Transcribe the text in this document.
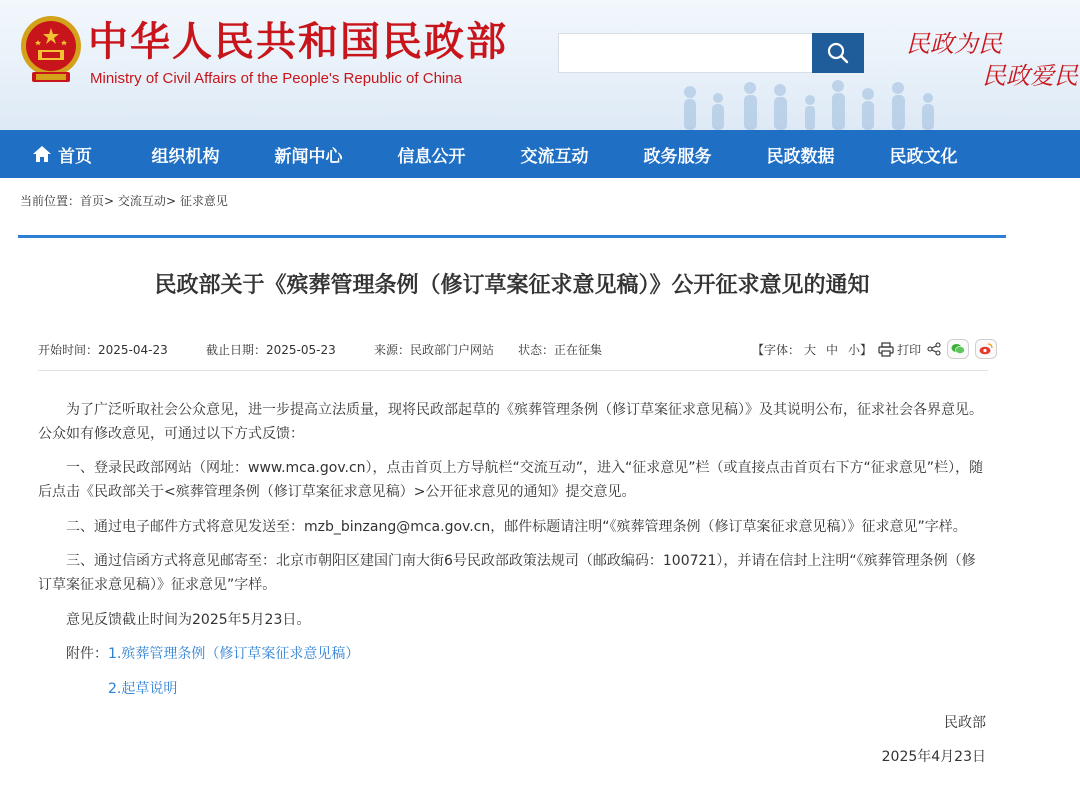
中华人民共和国民政部
Ministry of Civil Affairs of the People's Republic of China
民政为民
民政爱民
首页	组织机构	新闻中心	信息公开	交流互动	政务服务	民政数据	民政文化
当前位置：首页> 交流互动> 征求意见
民政部关于《殡葬管理条例（修订草案征求意见稿）》公开征求意见的通知
开始时间：2025-04-23	截止日期：2025-05-23	来源：民政部门户网站 状态：正在征集	【字体： 大 中 小】 打印
为了广泛听取社会公众意见，进一步提高立法质量，现将民政部起草的《殡葬管理条例（修订草案征求意见稿）》及其说明公布，征求社会各界意见。公众如有修改意见，可通过以下方式反馈：
一、登录民政部网站（网址：www.mca.gov.cn），点击首页上方导航栏“交流互动”，进入“征求意见”栏（或直接点击首页右下方“征求意见”栏），随后点击《民政部关于<殡葬管理条例（修订草案征求意见稿）>公开征求意见的通知》提交意见。
二、通过电子邮件方式将意见发送至：mzb_binzang@mca.gov.cn，邮件标题请注明“《殡葬管理条例（修订草案征求意见稿）》征求意见”字样。
三、通过信函方式将意见邮寄至：北京市朝阳区建国门南大街6号民政部政策法规司（邮政编码：100721），并请在信封上注明“《殡葬管理条例（修订草案征求意见稿）》征求意见”字样。
意见反馈截止时间为2025年5月23日。
附件：1.殡葬管理条例（修订草案征求意见稿）
2.起草说明
民政部
2025年4月23日
